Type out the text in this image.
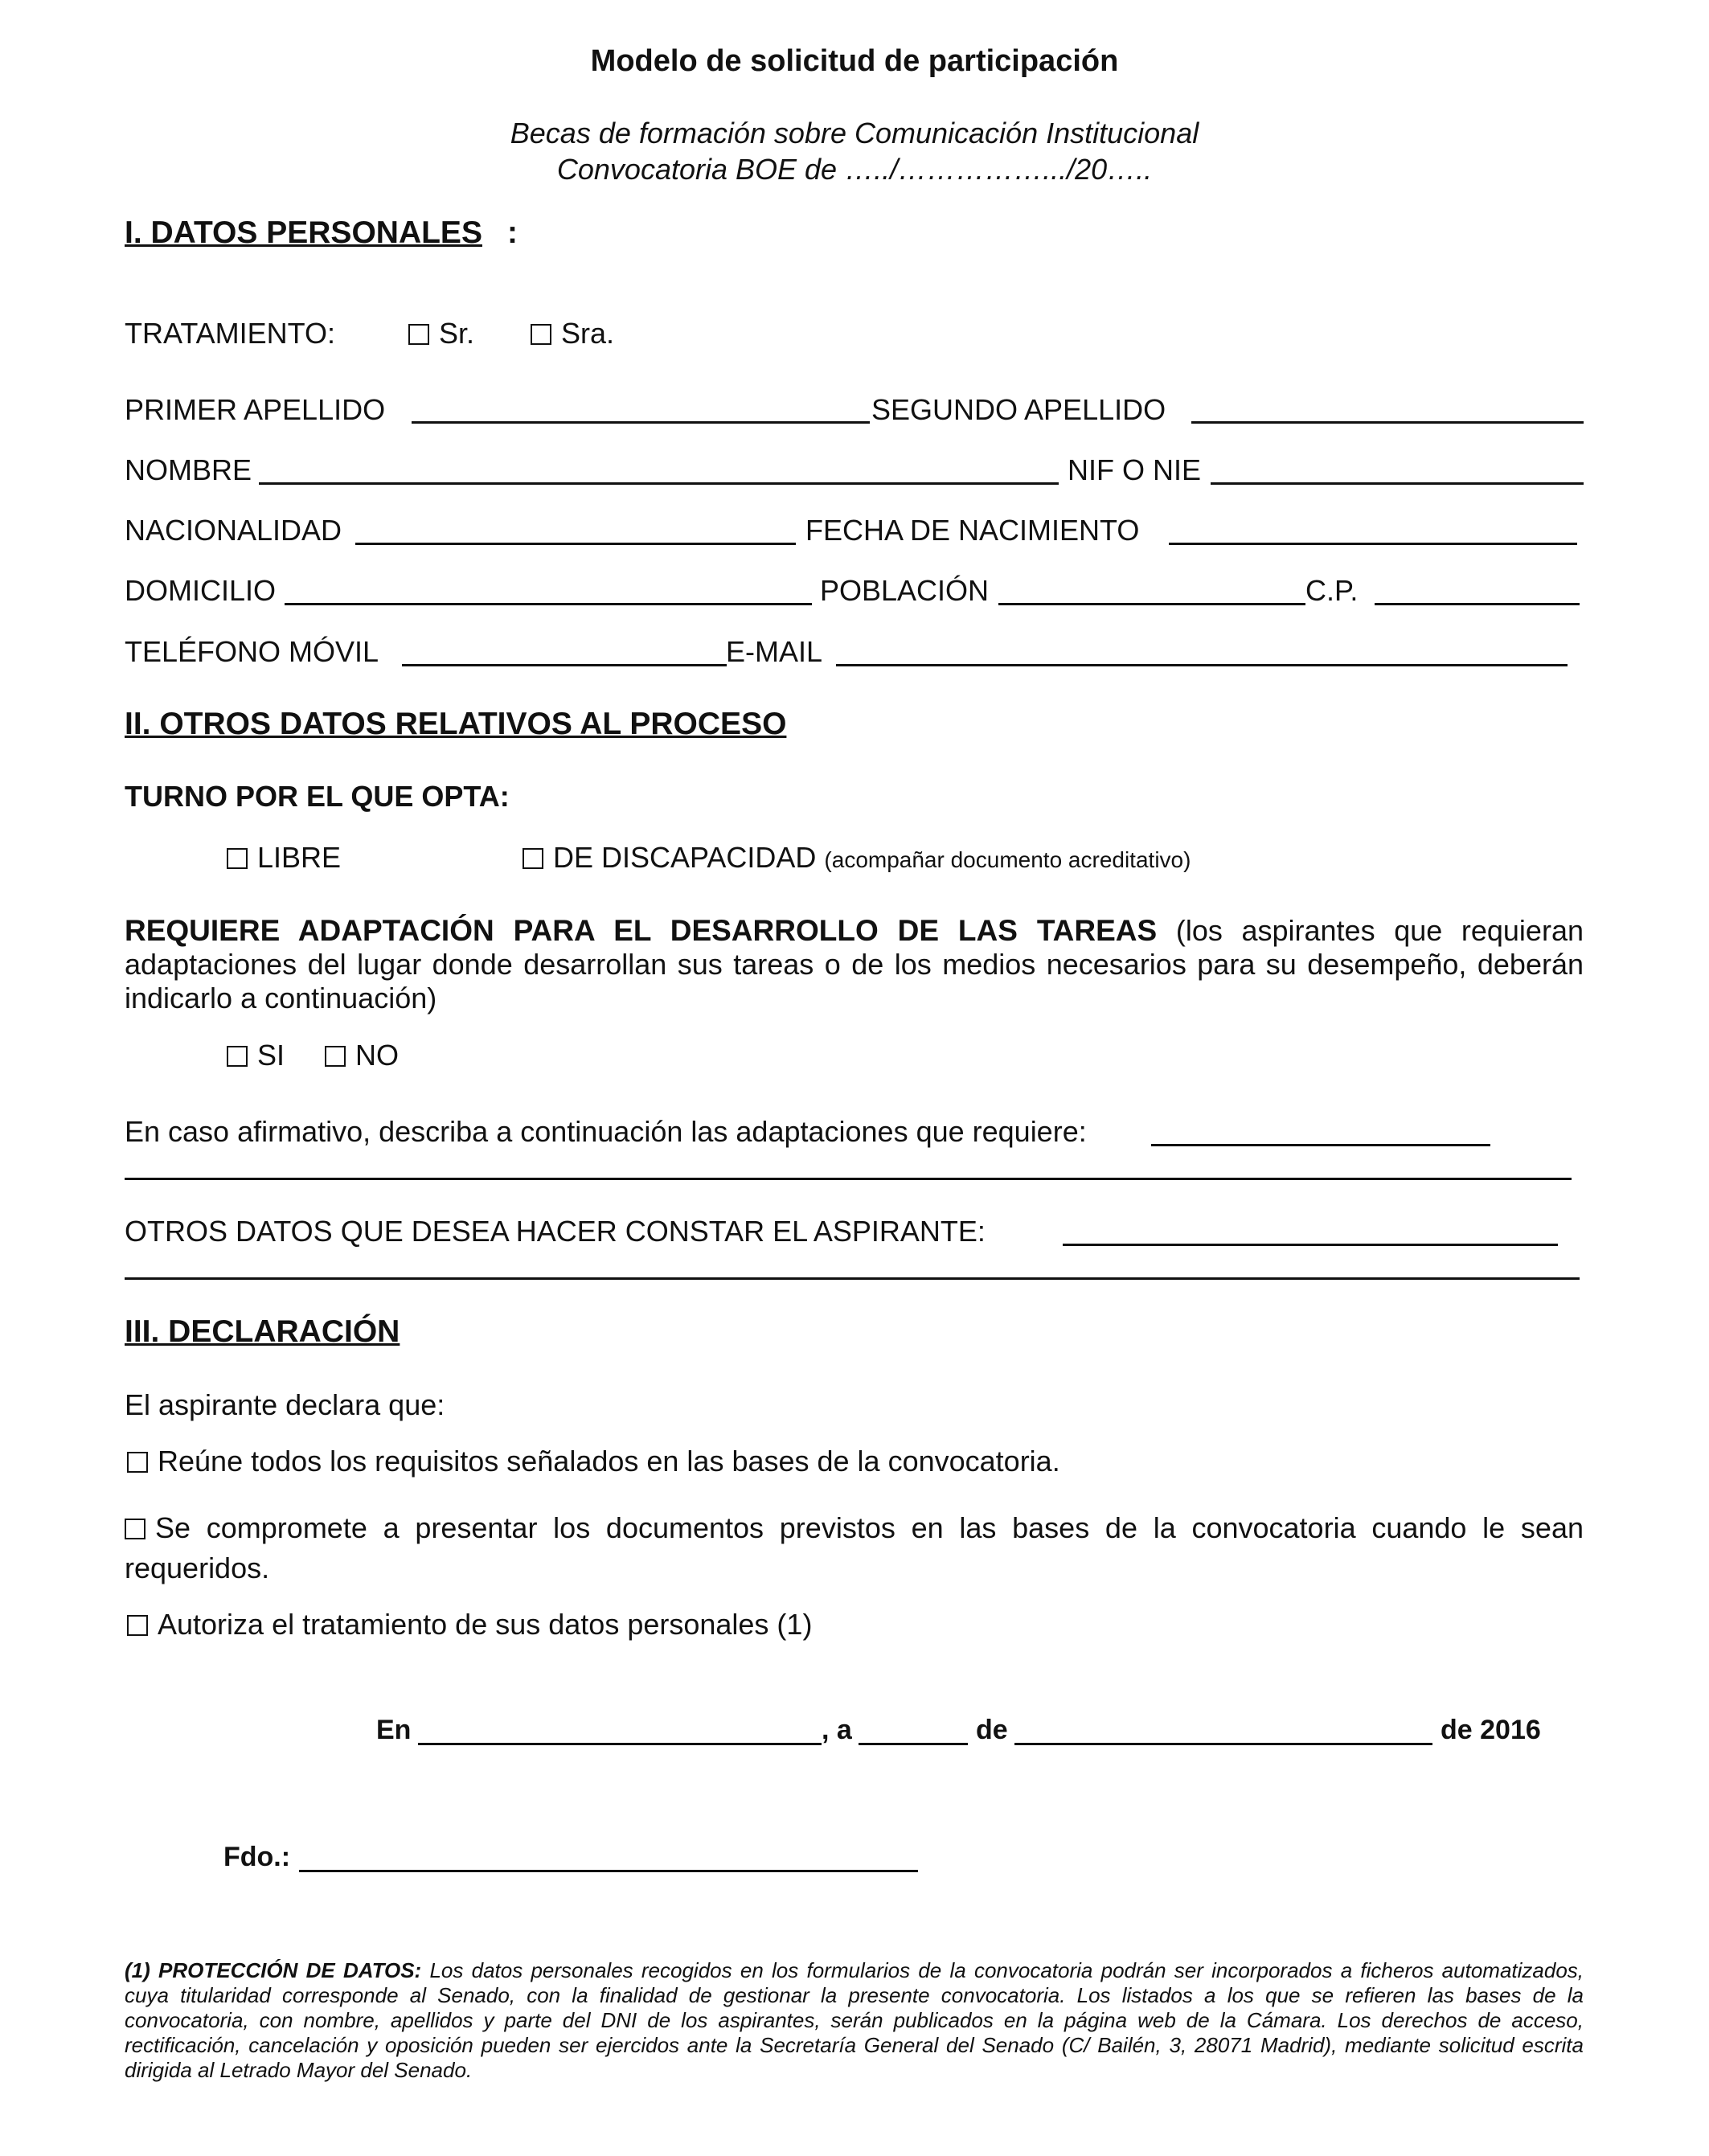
Modelo de solicitud de participación
Becas de formación sobre Comunicación Institucional
Convocatoria BOE de …../…………….../20…..
I. DATOS PERSONALES :
TRATAMIENTO:	Sr.	Sra.
PRIMER APELLIDO	SEGUNDO APELLIDO
NOMBRE	NIF O NIE
NACIONALIDAD	FECHA DE NACIMIENTO
DOMICILIO	POBLACIÓN	C.P.
TELÉFONO MÓVIL	E-MAIL
II. OTROS DATOS RELATIVOS AL PROCESO
TURNO POR EL QUE OPTA:
LIBRE	DE DISCAPACIDAD (acompañar documento acreditativo)
REQUIERE ADAPTACIÓN PARA EL DESARROLLO DE LAS TAREAS (los aspirantes que requieran adaptaciones del lugar donde desarrollan sus tareas o de los medios necesarios para su desempeño, deberán indicarlo a continuación)
SI	NO
En caso afirmativo, describa a continuación las adaptaciones que requiere:
OTROS DATOS QUE DESEA HACER CONSTAR EL ASPIRANTE:
III. DECLARACIÓN
El aspirante declara que:
Reúne todos los requisitos señalados en las bases de la convocatoria.
Se compromete a presentar los documentos previstos en las bases de la convocatoria cuando le sean requeridos.
Autoriza el tratamiento de sus datos personales (1)
En	, a	de	de 2016
Fdo.:
(1) PROTECCIÓN DE DATOS: Los datos personales recogidos en los formularios de la convocatoria podrán ser incorporados a ficheros automatizados, cuya titularidad corresponde al Senado, con la finalidad de gestionar la presente convocatoria. Los listados a los que se refieren las bases de la convocatoria, con nombre, apellidos y parte del DNI de los aspirantes, serán publicados en la página web de la Cámara. Los derechos de acceso, rectificación, cancelación y oposición pueden ser ejercidos ante la Secretaría General del Senado (C/ Bailén, 3, 28071 Madrid), mediante solicitud escrita dirigida al Letrado Mayor del Senado.
